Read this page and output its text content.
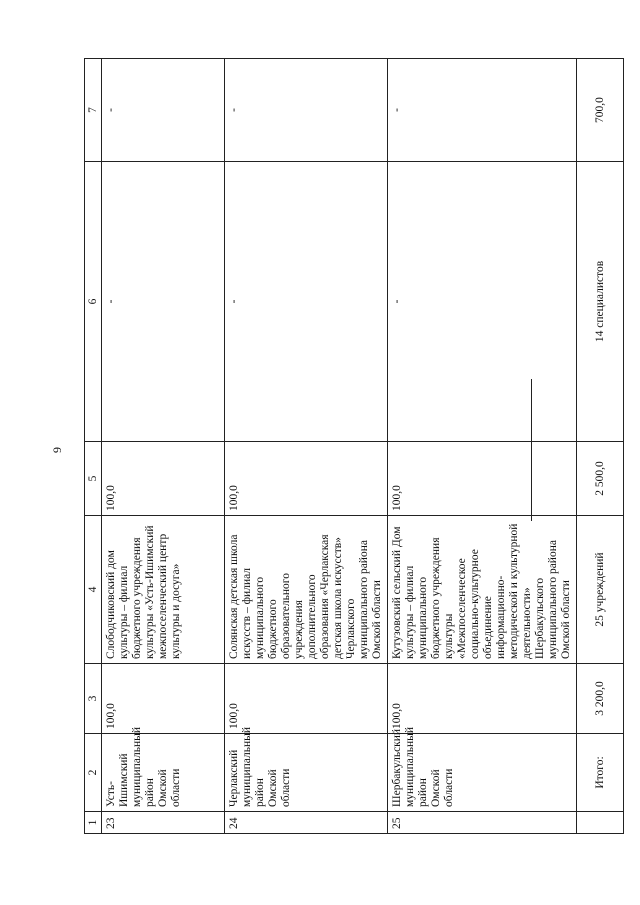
9
1	2	3	4	5	6	7
23	Усть-Ишимский муниципальный район Омской области	100,0	Слободчиковский дом культуры – филиал бюджетного учреждения культуры «Усть-Ишимский межпоселенческий центр культуры и досуга»	100,0	-	-
24	Черлакский муниципальный район Омской области	100,0	Солянская детская школа искусств – филиал муниципального бюджетного образовательного учреждения дополнительного образования «Черлакская детская школа искусств» Черлакского муниципального района Омской области	100,0	-	-
25	Шербакульский муниципальный район Омской области	100,0	Кутузовский сельский Дом культуры – филиал муниципального бюджетного учреждения культуры «Межпоселенческое социально-культурное объединение информационно-методической и культурной деятельности» Шербакульского муниципального района Омской области	100,0	-	-
	Итого:	3 200,0	25 учреждений	2 500,0	14 специалистов	700,0
